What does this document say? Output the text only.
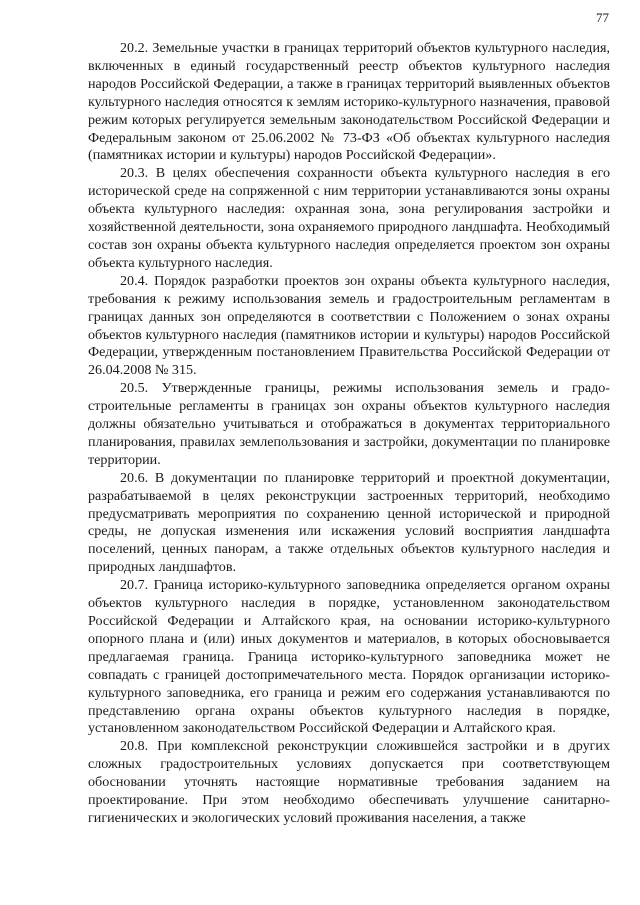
77

20.2. Земельные участки в границах территорий объектов культурного наследия, включенных в единый государственный реестр объектов культурного наследия народов Российской Федерации, а также в границах территорий выявленных объектов культурного наследия относятся к землям историко-культурного назначения, правовой режим которых регулируется земельным законодательством Российской Федерации и Федеральным законом от 25.06.2002 № 73-ФЗ «Об объектах культурного наследия (памятниках истории и культуры) народов Российской Федерации».

20.3. В целях обеспечения сохранности объекта культурного наследия в его исторической среде на сопряженной с ним территории устанавливаются зоны охраны объекта культурного наследия: охранная зона, зона регулирования застройки и хозяйственной деятельности, зона охраняемого природного ландшафта. Необходимый состав зон охраны объекта культурного наследия определяется проектом зон охраны объекта культурного наследия.

20.4. Порядок разработки проектов зон охраны объекта культурного наследия, требования к режиму использования земель и градостроительным регламентам в границах данных зон определяются в соответствии с Положением о зонах охраны объектов культурного наследия (памятников истории и культуры) народов Российской Федерации, утвержденным постановлением Правительства Российской Федерации от 26.04.2008 № 315.

20.5. Утвержденные границы, режимы использования земель и градостроительные регламенты в границах зон охраны объектов культурного наследия должны обязательно учитываться и отображаться в документах территориального планирования, правилах землепользования и застройки, документации по планировке территории.

20.6. В документации по планировке территорий и проектной документации, разрабатываемой в целях реконструкции застроенных территорий, необходимо предусматривать мероприятия по сохранению ценной исторической и природной среды, не допуская изменения или искажения условий восприятия ландшафта поселений, ценных панорам, а также отдельных объектов культурного наследия и природных ландшафтов.

20.7. Граница историко-культурного заповедника определяется органом охраны объектов культурного наследия в порядке, установленном законодательством Российской Федерации и Алтайского края, на основании историко-культурного опорного плана и (или) иных документов и материалов, в которых обосновывается предлагаемая граница. Граница историко-культурного заповедника может не совпадать с границей достопримечательного места. Порядок организации историко-культурного заповедника, его граница и режим его содержания устанавливаются по представлению органа охраны объектов культурного наследия в порядке, установленном законодательством Российской Федерации и Алтайского края.

20.8. При комплексной реконструкции сложившейся застройки и в других сложных градостроительных условиях допускается при соответствующем обосновании уточнять настоящие нормативные требования заданием на проектирование. При этом необходимо обеспечивать улучшение санитарно-гигиенических и экологических условий проживания населения, а также
